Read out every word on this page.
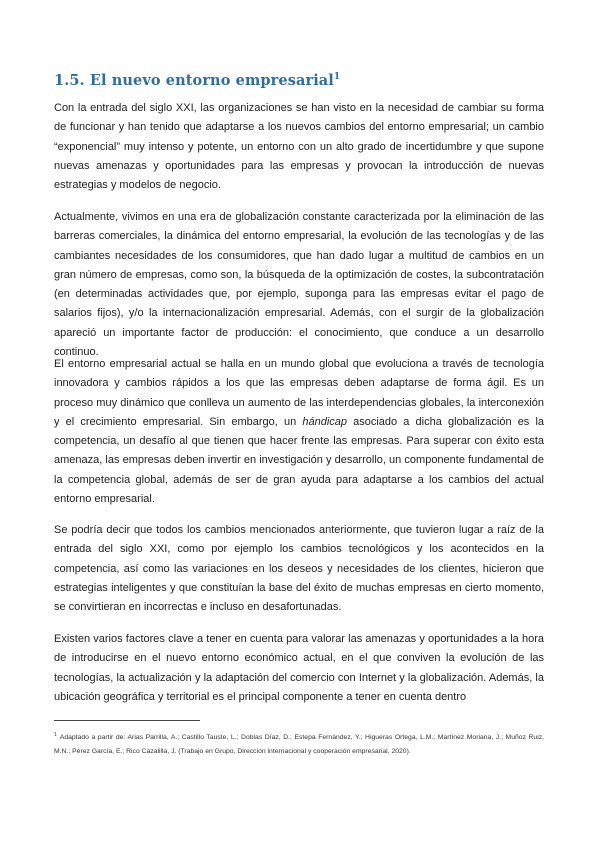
1.5. El nuevo entorno empresarial$^1$

Con la entrada del siglo XXI, las organizaciones se han visto en la necesidad de cambiar su forma de funcionar y han tenido que adaptarse a los nuevos cambios del entorno empresarial; un cambio “exponencial” muy intenso y potente, un entorno con un alto grado de incertidumbre y que supone nuevas amenazas y oportunidades para las empresas y provocan la introducción de nuevas estrategias y modelos de negocio.

Actualmente, vivimos en una era de globalización constante caracterizada por la eliminación de las barreras comerciales, la dinámica del entorno empresarial, la evolución de las tecnologías y de las cambiantes necesidades de los consumidores, que han dado lugar a multitud de cambios en un gran número de empresas, como son, la búsqueda de la optimización de costes, la subcontratación (en determinadas actividades que, por ejemplo, suponga para las empresas evitar el pago de salarios fijos), y/o la internacionalización empresarial. Además, con el surgir de la globalización apareció un importante factor de producción: el conocimiento, que conduce a un desarrollo continuo.

El entorno empresarial actual se halla en un mundo global que evoluciona a través de tecnología innovadora y cambios rápidos a los que las empresas deben adaptarse de forma ágil. Es un proceso muy dinámico que conlleva un aumento de las interdependencias globales, la interconexión y el crecimiento empresarial. Sin embargo, un hándicap asociado a dicha globalización es la competencia, un desafío al que tienen que hacer frente las empresas. Para superar con éxito esta amenaza, las empresas deben invertir en investigación y desarrollo, un componente fundamental de la competencia global, además de ser de gran ayuda para adaptarse a los cambios del actual entorno empresarial.

Se podría decir que todos los cambios mencionados anteriormente, que tuvieron lugar a raíz de la entrada del siglo XXI, como por ejemplo los cambios tecnológicos y los acontecidos en la competencia, así como las variaciones en los deseos y necesidades de los clientes, hicieron que estrategias inteligentes y que constituían la base del éxito de muchas empresas en cierto momento, se convirtieran en incorrectas e incluso en desafortunadas.

Existen varios factores clave a tener en cuenta para valorar las amenazas y oportunidades a la hora de introducirse en el nuevo entorno económico actual, en el que conviven la evolución de las tecnologías, la actualización y la adaptación del comercio con Internet y la globalización. Además, la ubicación geográfica y territorial es el principal componente a tener en cuenta dentro

$^1$ Adaptado a partir de: Arias Parrilla, A.; Castillo Tauste, L.; Doblas Díaz, D.; Estepa Fernández, Y.; Higueras Ortega, L.M.; Martínez Moriana, J.; Muñoz Ruiz, M.N.; Pérez García, E.; Rico Cazalilla, J. (Trabajo en Grupo, Dirección internacional y cooperación empresarial, 2020).
